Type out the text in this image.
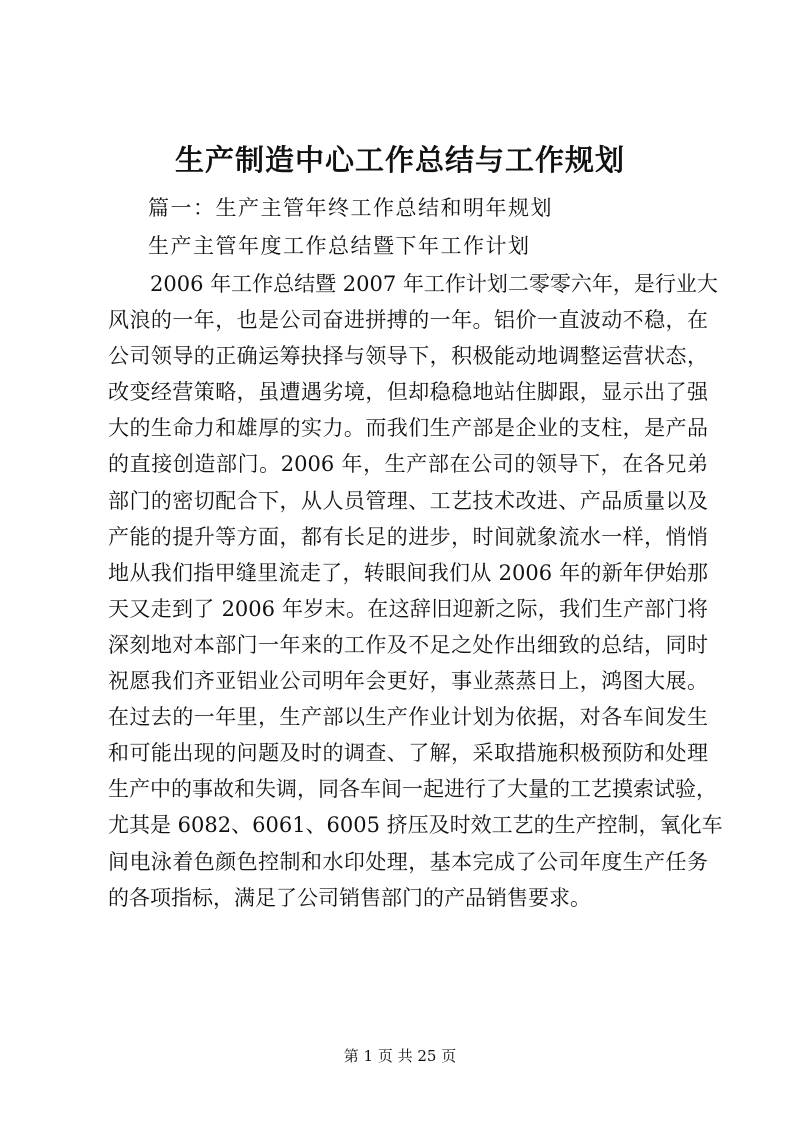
生产制造中心工作总结与工作规划

篇一：生产主管年终工作总结和明年规划

生产主管年度工作总结暨下年工作计划

2006 年工作总结暨 2007 年工作计划二零零六年，是行业大
风浪的一年，也是公司奋进拼搏的一年。铝价一直波动不稳，在
公司领导的正确运筹抉择与领导下，积极能动地调整运营状态，
改变经营策略，虽遭遇劣境，但却稳稳地站住脚跟，显示出了强
大的生命力和雄厚的实力。而我们生产部是企业的支柱，是产品
的直接创造部门。2006 年，生产部在公司的领导下，在各兄弟
部门的密切配合下，从人员管理、工艺技术改进、产品质量以及
产能的提升等方面，都有长足的进步，时间就象流水一样，悄悄
地从我们指甲缝里流走了，转眼间我们从 2006 年的新年伊始那
天又走到了 2006 年岁末。在这辞旧迎新之际，我们生产部门将
深刻地对本部门一年来的工作及不足之处作出细致的总结，同时
祝愿我们齐亚铝业公司明年会更好，事业蒸蒸日上，鸿图大展。
在过去的一年里，生产部以生产作业计划为依据，对各车间发生
和可能出现的问题及时的调查、了解，采取措施积极预防和处理
生产中的事故和失调，同各车间一起进行了大量的工艺摸索试验，
尤其是 6082、6061、6005 挤压及时效工艺的生产控制，氧化车
间电泳着色颜色控制和水印处理，基本完成了公司年度生产任务
的各项指标，满足了公司销售部门的产品销售要求。

第 1 页 共 25 页
